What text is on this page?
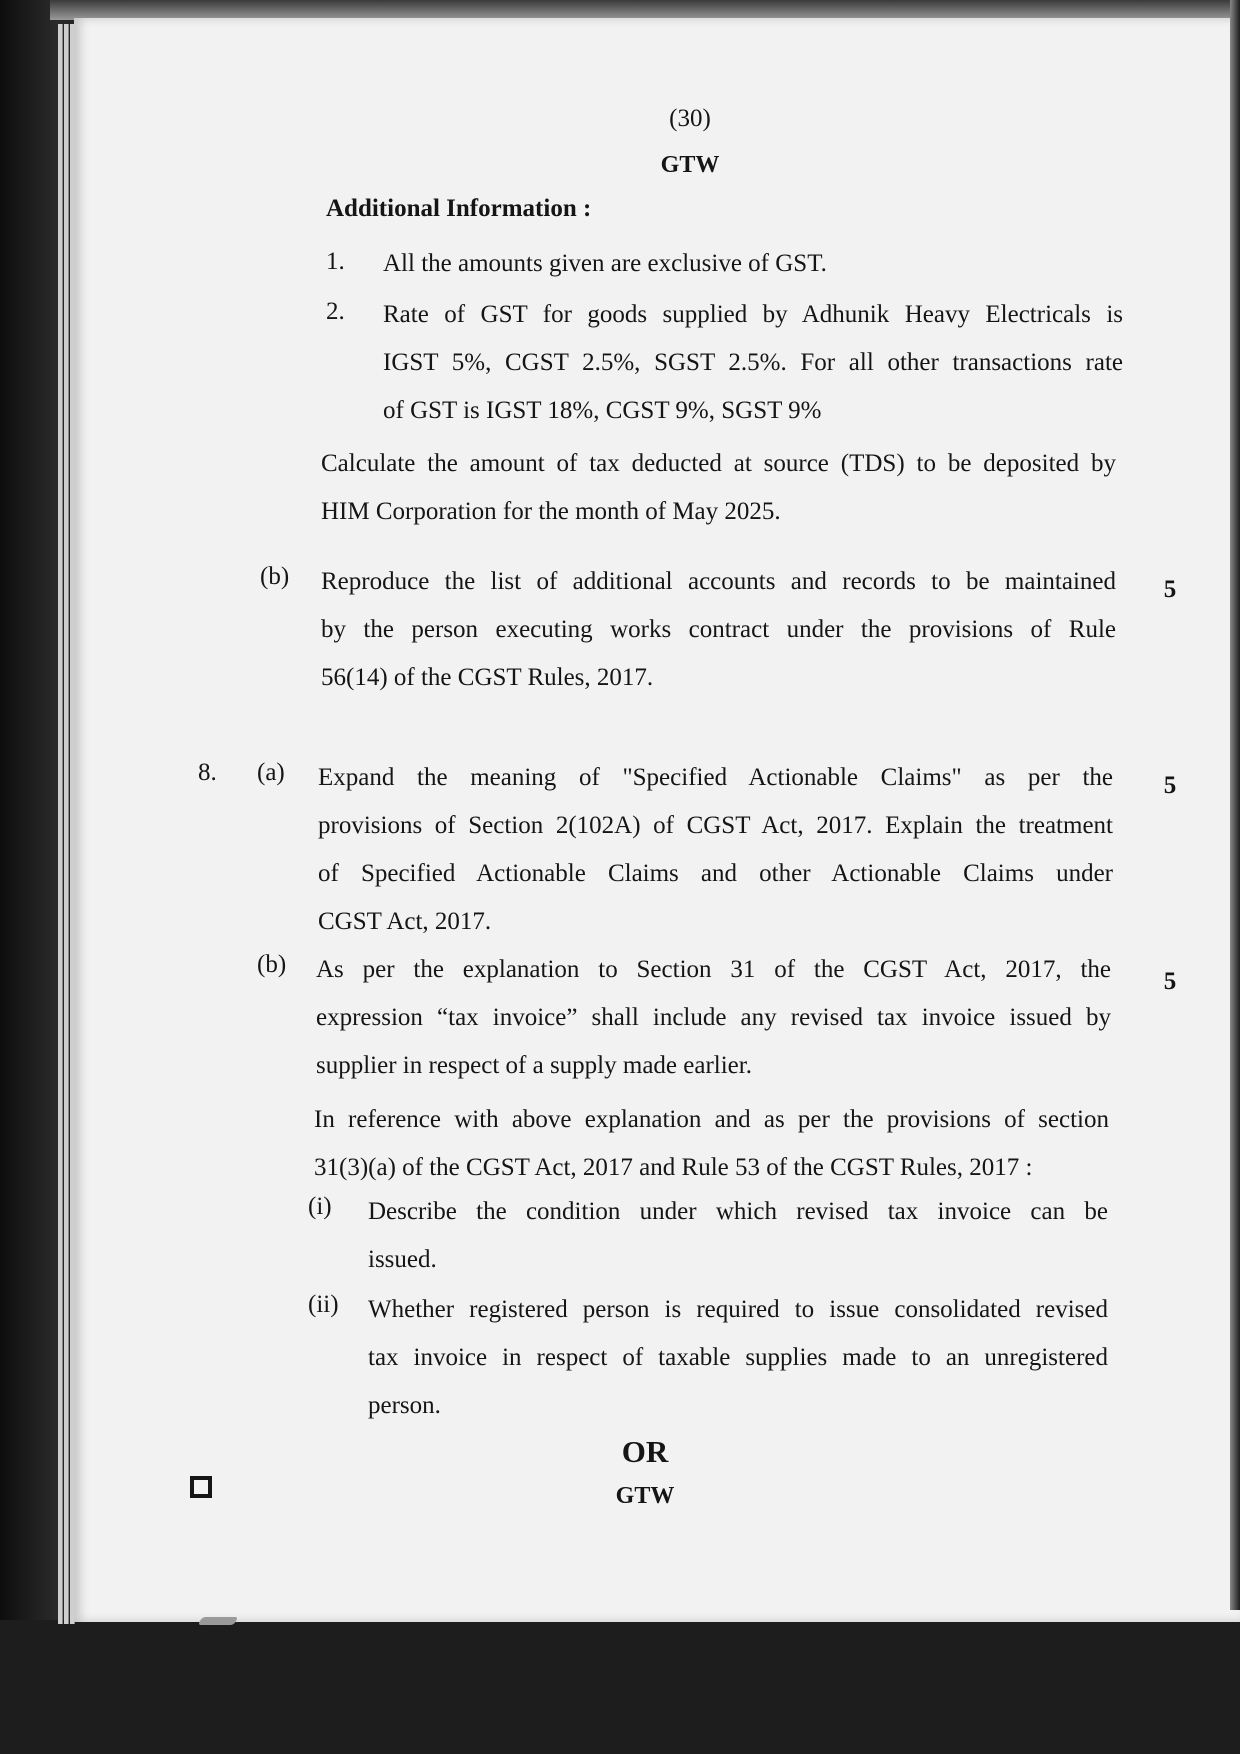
(30)
GTW
Additional Information :
1. All the amounts given are exclusive of GST.
2. Rate of GST for goods supplied by Adhunik Heavy Electricals is
IGST 5%, CGST 2.5%, SGST 2.5%. For all other transactions rate
of GST is IGST 18%, CGST 9%, SGST 9%
Calculate the amount of tax deducted at source (TDS) to be deposited by
HIM Corporation for the month of May 2025.
(b) Reproduce the list of additional accounts and records to be maintained
by the person executing works contract under the provisions of Rule
56(14) of the CGST Rules, 2017.
5
8. (a) Expand the meaning of "Specified Actionable Claims" as per the
provisions of Section 2(102A) of CGST Act, 2017. Explain the treatment
of Specified Actionable Claims and other Actionable Claims under
CGST Act, 2017.
5
(b) As per the explanation to Section 31 of the CGST Act, 2017, the
expression “tax invoice” shall include any revised tax invoice issued by
supplier in respect of a supply made earlier.
5
In reference with above explanation and as per the provisions of section
31(3)(a) of the CGST Act, 2017 and Rule 53 of the CGST Rules, 2017 :
(i) Describe the condition under which revised tax invoice can be
issued.
(ii) Whether registered person is required to issue consolidated revised
tax invoice in respect of taxable supplies made to an unregistered
person.
OR
GTW
